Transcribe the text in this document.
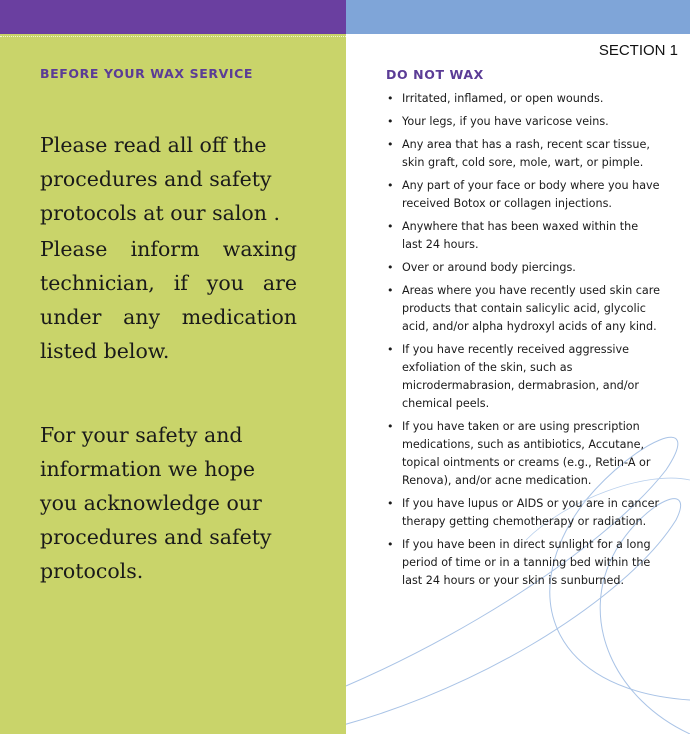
SECTION 1
BEFORE YOUR WAX SERVICE

Please read all off the procedures and safety protocols at our salon .

Please inform waxing technician, if you are under any medication listed below.

For your safety and information we hope you acknowledge our procedures and safety protocols.

DO NOT WAX
• Irritated, inflamed, or open wounds.
• Your legs, if you have varicose veins.
• Any area that has a rash, recent scar tissue, skin graft, cold sore, mole, wart, or pimple.
• Any part of your face or body where you have received Botox or collagen injections.
• Anywhere that has been waxed within the last 24 hours.
• Over or around body piercings.
• Areas where you have recently used skin care products that contain salicylic acid, glycolic acid, and/or alpha hydroxyl acids of any kind.
• If you have recently received aggressive exfoliation of the skin, such as microdermabrasion, dermabrasion, and/or chemical peels.
• If you have taken or are using prescription medications, such as antibiotics, Accutane, topical ointments or creams (e.g., Retin-A or Renova), and/or acne medication.
• If you have lupus or AIDS or you are in cancer therapy getting chemotherapy or radiation.
• If you have been in direct sunlight for a long period of time or in a tanning bed within the last 24 hours or your skin is sunburned.
